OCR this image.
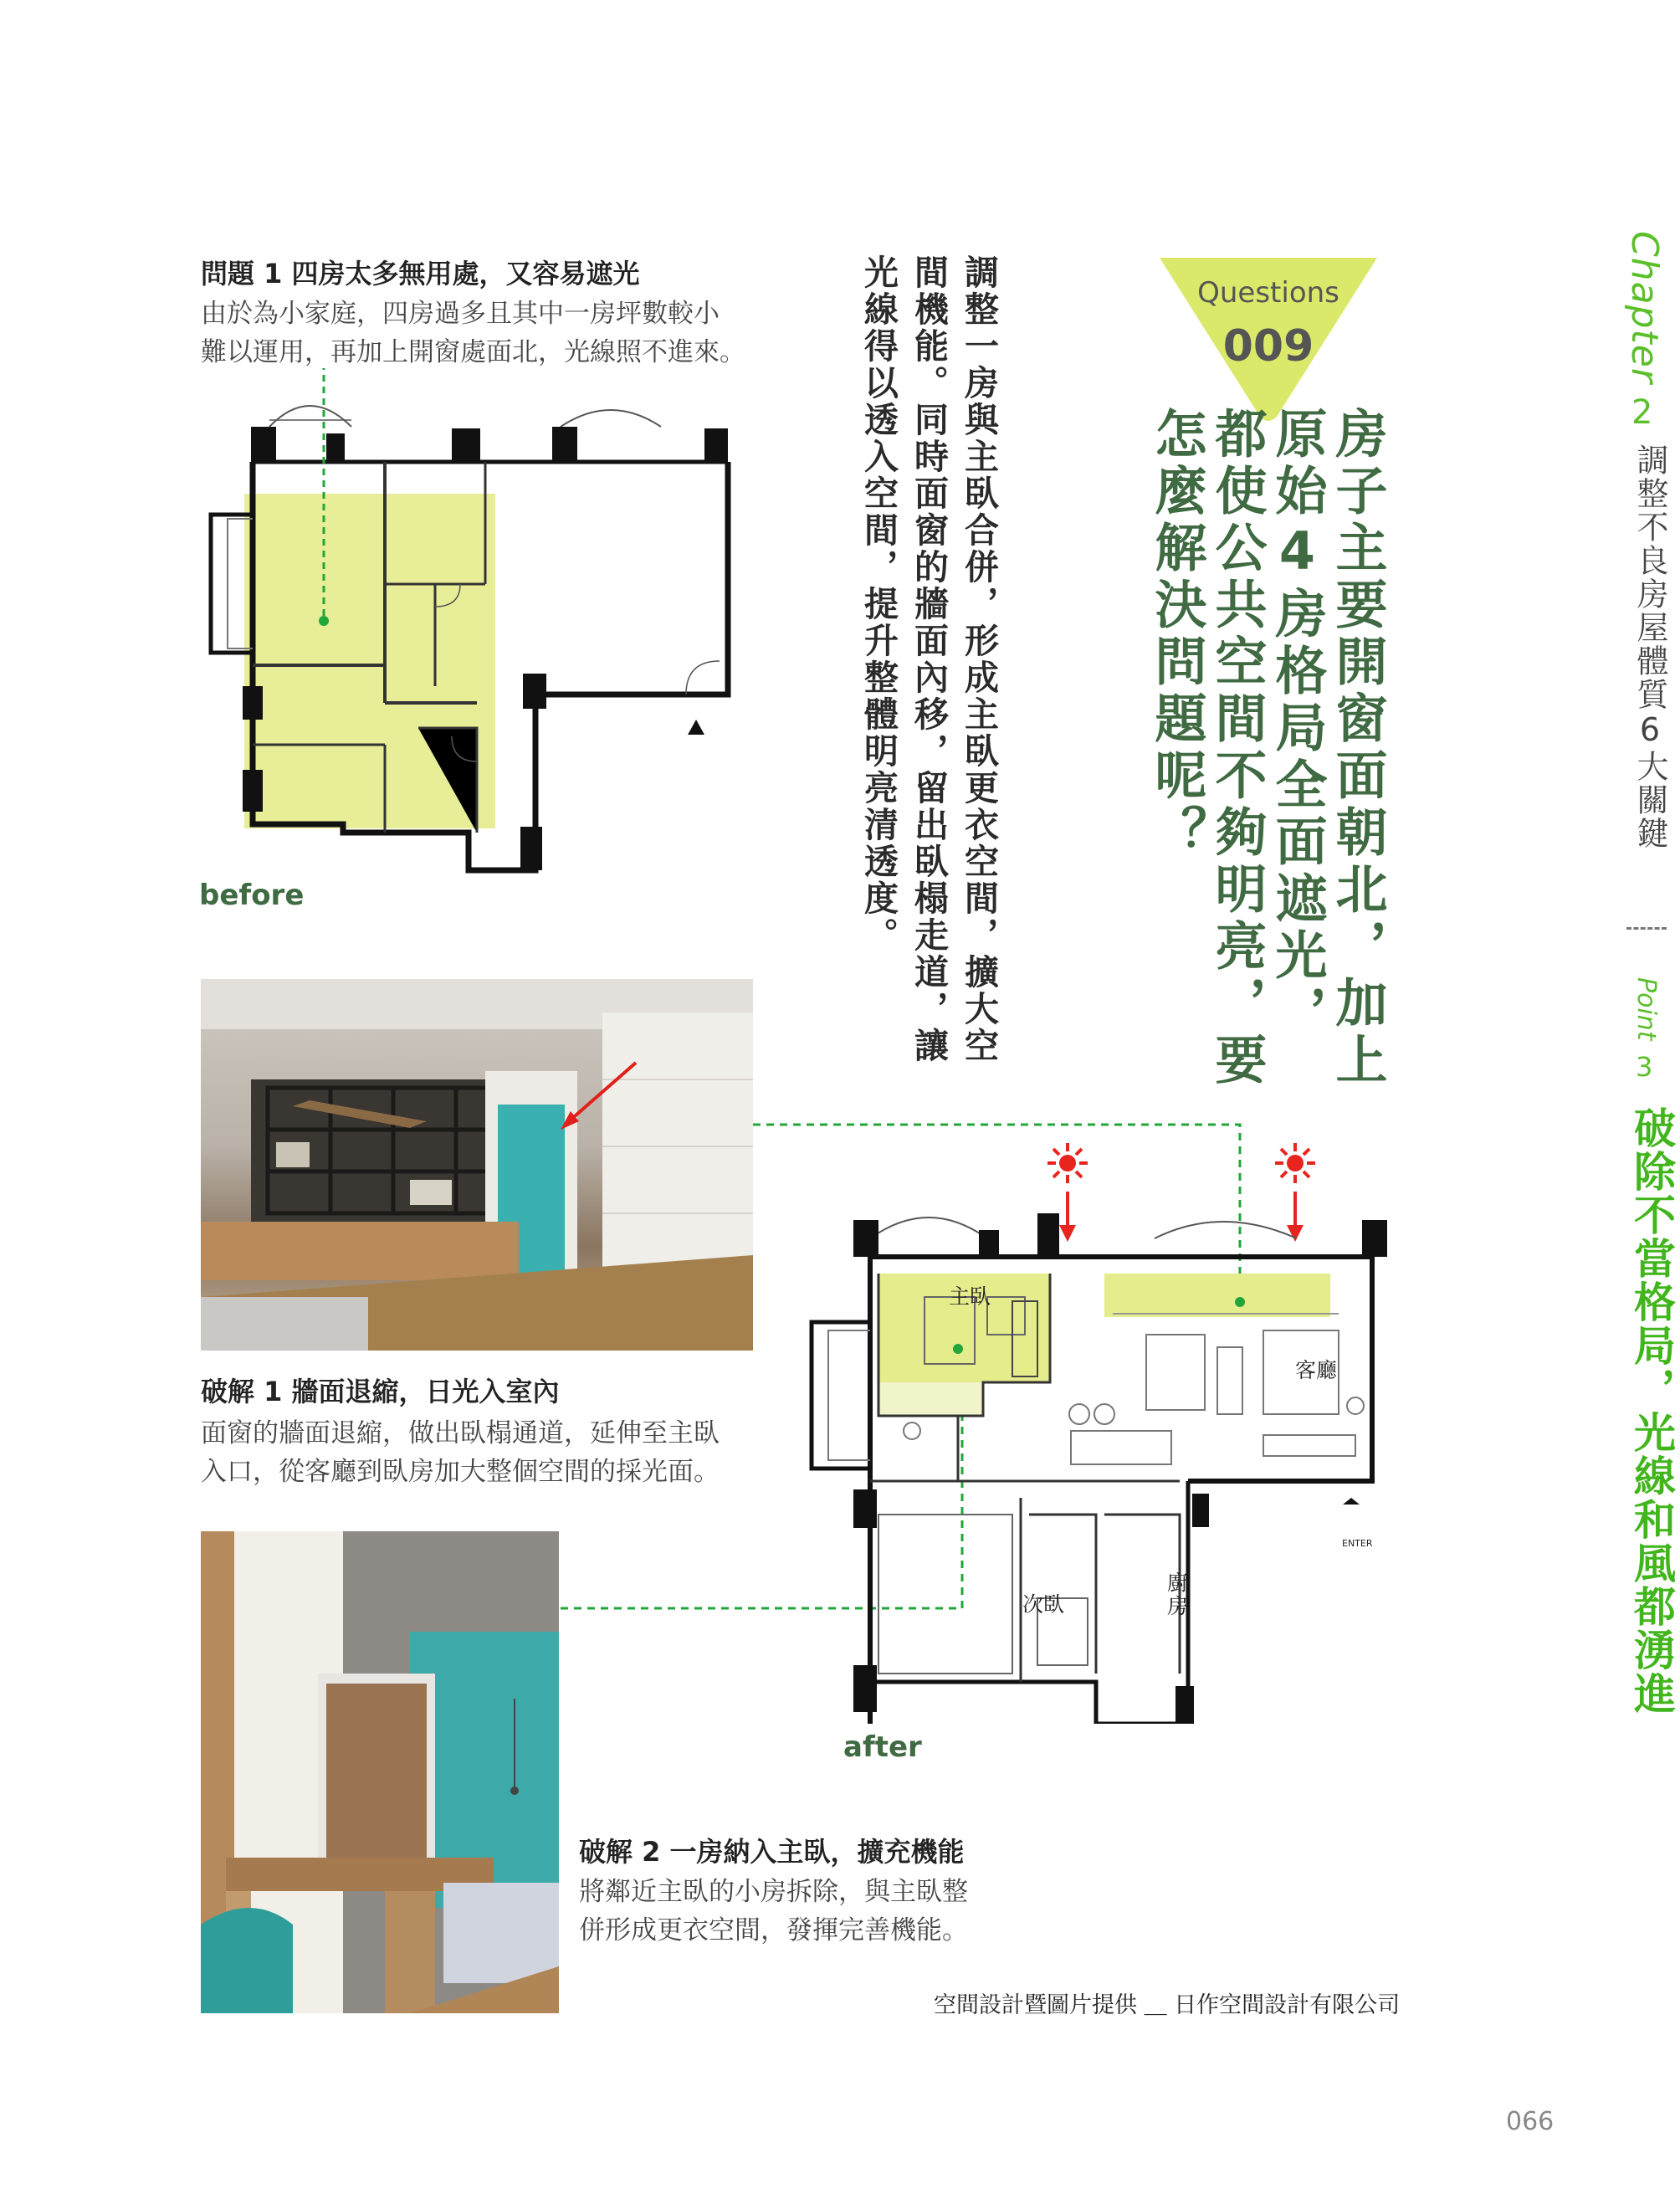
Chapter
2
調整不良房屋體質6大關鍵
Point
3
破除不當格局，光線和風都湧進
Questions
009
房子主要開窗面朝北，加上原始4房格局全面遮光，都使公共空間不夠明亮，要怎麼解決問題呢？
調整一房與主臥合併，形成主臥更衣空間，擴大空間機能。同時面窗的牆面內移，留出臥榻走道，讓光線得以透入空間，提升整體明亮清透度。
問題 1 四房太多無用處，又容易遮光
由於為小家庭，四房過多且其中一房坪數較小
難以運用，再加上開窗處面北，光線照不進來。
before
破解 1 牆面退縮，日光入室內
面窗的牆面退縮，做出臥榻通道，延伸至主臥
入口，從客廳到臥房加大整個空間的採光面。
破解 2 一房納入主臥，擴充機能
將鄰近主臥的小房拆除，與主臥整
併形成更衣空間，發揮完善機能。
主臥
客廳
次臥
廚房
ENTER
after
空間設計暨圖片提供 ＿ 日作空間設計有限公司
066
